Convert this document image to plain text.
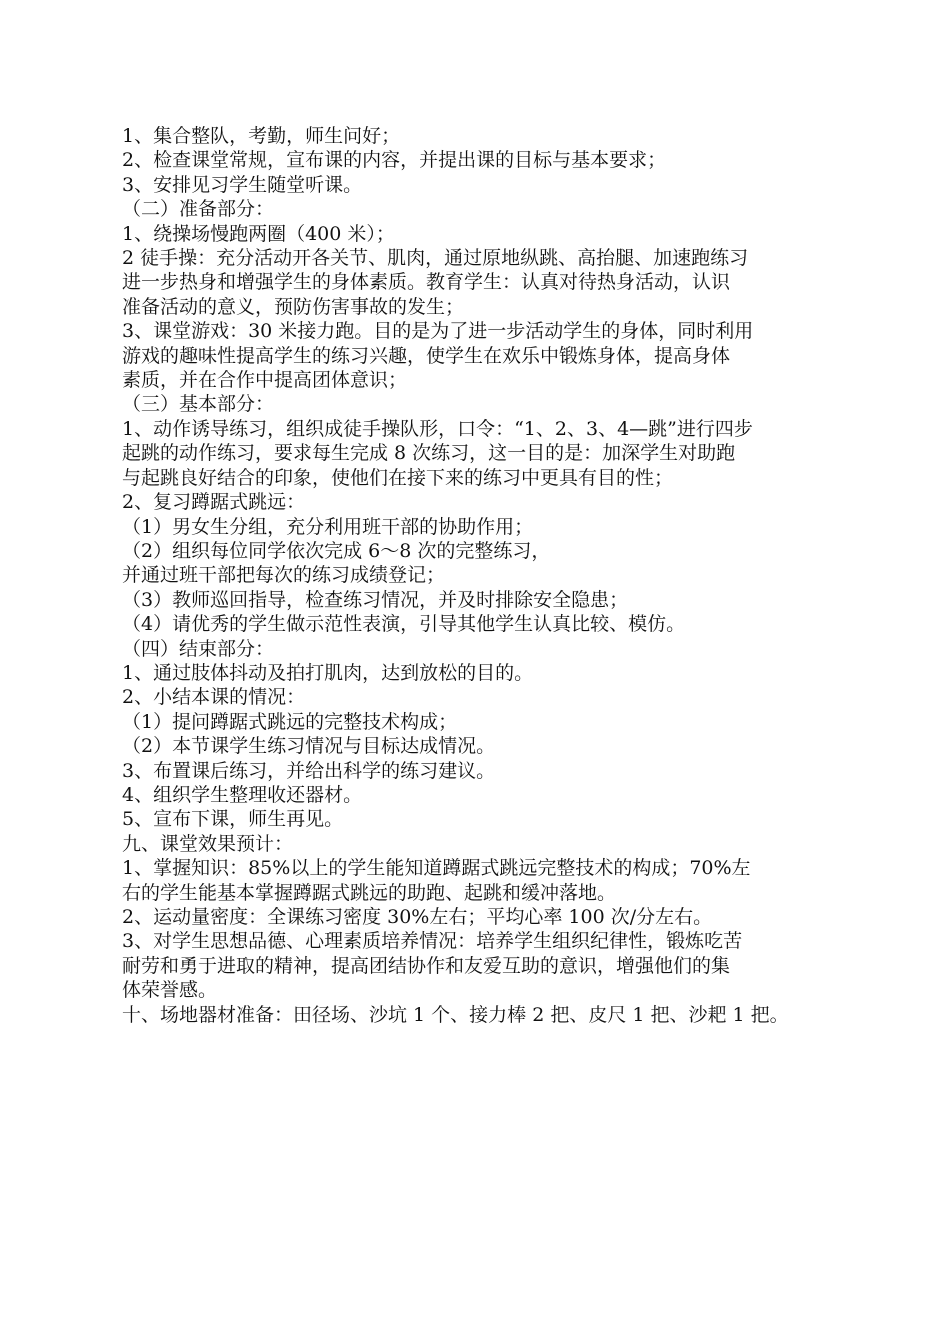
1、集合整队，考勤，师生问好；

2、检查课堂常规，宣布课的内容，并提出课的目标与基本要求；

3、安排见习学生随堂听课。

（二）准备部分：

1、绕操场慢跑两圈（400 米）；

2 徒手操：充分活动开各关节、肌肉，通过原地纵跳、高抬腿、加速跑练习

进一步热身和增强学生的身体素质。教育学生：认真对待热身活动，认识

准备活动的意义，预防伤害事故的发生；

3、课堂游戏：30 米接力跑。目的是为了进一步活动学生的身体，同时利用

游戏的趣味性提高学生的练习兴趣，使学生在欢乐中锻炼身体，提高身体

素质，并在合作中提高团体意识；

（三）基本部分：

1、动作诱导练习，组织成徒手操队形，口令：“1、2、3、4—跳”进行四步

起跳的动作练习，要求每生完成 8 次练习，这一目的是：加深学生对助跑

与起跳良好结合的印象，使他们在接下来的练习中更具有目的性；

2、复习蹲踞式跳远：

（1）男女生分组，充分利用班干部的协助作用；

（2）组织每位同学依次完成 6～8 次的完整练习，

并通过班干部把每次的练习成绩登记；

（3）教师巡回指导，检查练习情况，并及时排除安全隐患；

（4）请优秀的学生做示范性表演，引导其他学生认真比较、模仿。

（四）结束部分：

1、通过肢体抖动及拍打肌肉，达到放松的目的。

2、小结本课的情况：

（1）提问蹲踞式跳远的完整技术构成；

（2）本节课学生练习情况与目标达成情况。

3、布置课后练习，并给出科学的练习建议。

4、组织学生整理收还器材。

5、宣布下课，师生再见。

九、课堂效果预计：

1、掌握知识：85%以上的学生能知道蹲踞式跳远完整技术的构成；70%左

右的学生能基本掌握蹲踞式跳远的助跑、起跳和缓冲落地。

2、运动量密度：全课练习密度 30%左右；平均心率 100 次/分左右。

3、对学生思想品德、心理素质培养情况：培养学生组织纪律性，锻炼吃苦

耐劳和勇于进取的精神，提高团结协作和友爱互助的意识，增强他们的集

体荣誉感。

十、场地器材准备：田径场、沙坑 1 个、接力棒 2 把、皮尺 1 把、沙耙 1 把。
